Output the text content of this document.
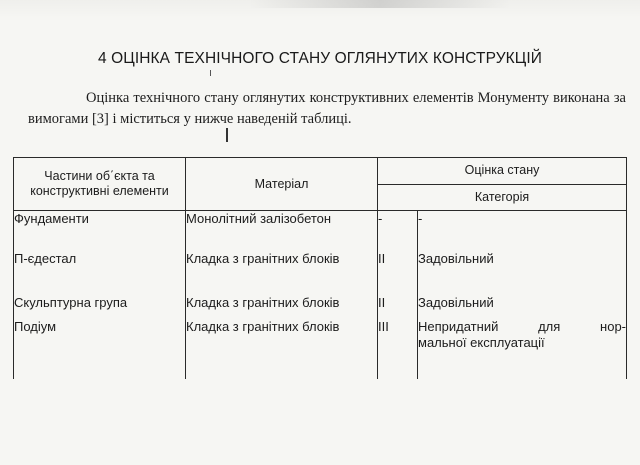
4 ОЦІНКА ТЕХНІЧНОГО СТАНУ ОГЛЯНУТИХ КОНСТРУКЦІЙ
Оцінка технічного стану оглянутих конструктивних елементів Монументу виконана за вимогами [3] і міститься у нижче наведеній таблиці.
Частини об΄єкта та конструктивні елементи	Матеріал	Оцінка стану	
		Категорія	
Фундаменти	Монолітний залізобетон	-	-
П-єдестал	Кладка з гранітних блоків	II	Задовільний
Скульптурна група	Кладка з гранітних блоків	II	Задовільний
Подіум	Кладка з гранітних блоків	III	Непридатний для нор-
мальної експлуатації
